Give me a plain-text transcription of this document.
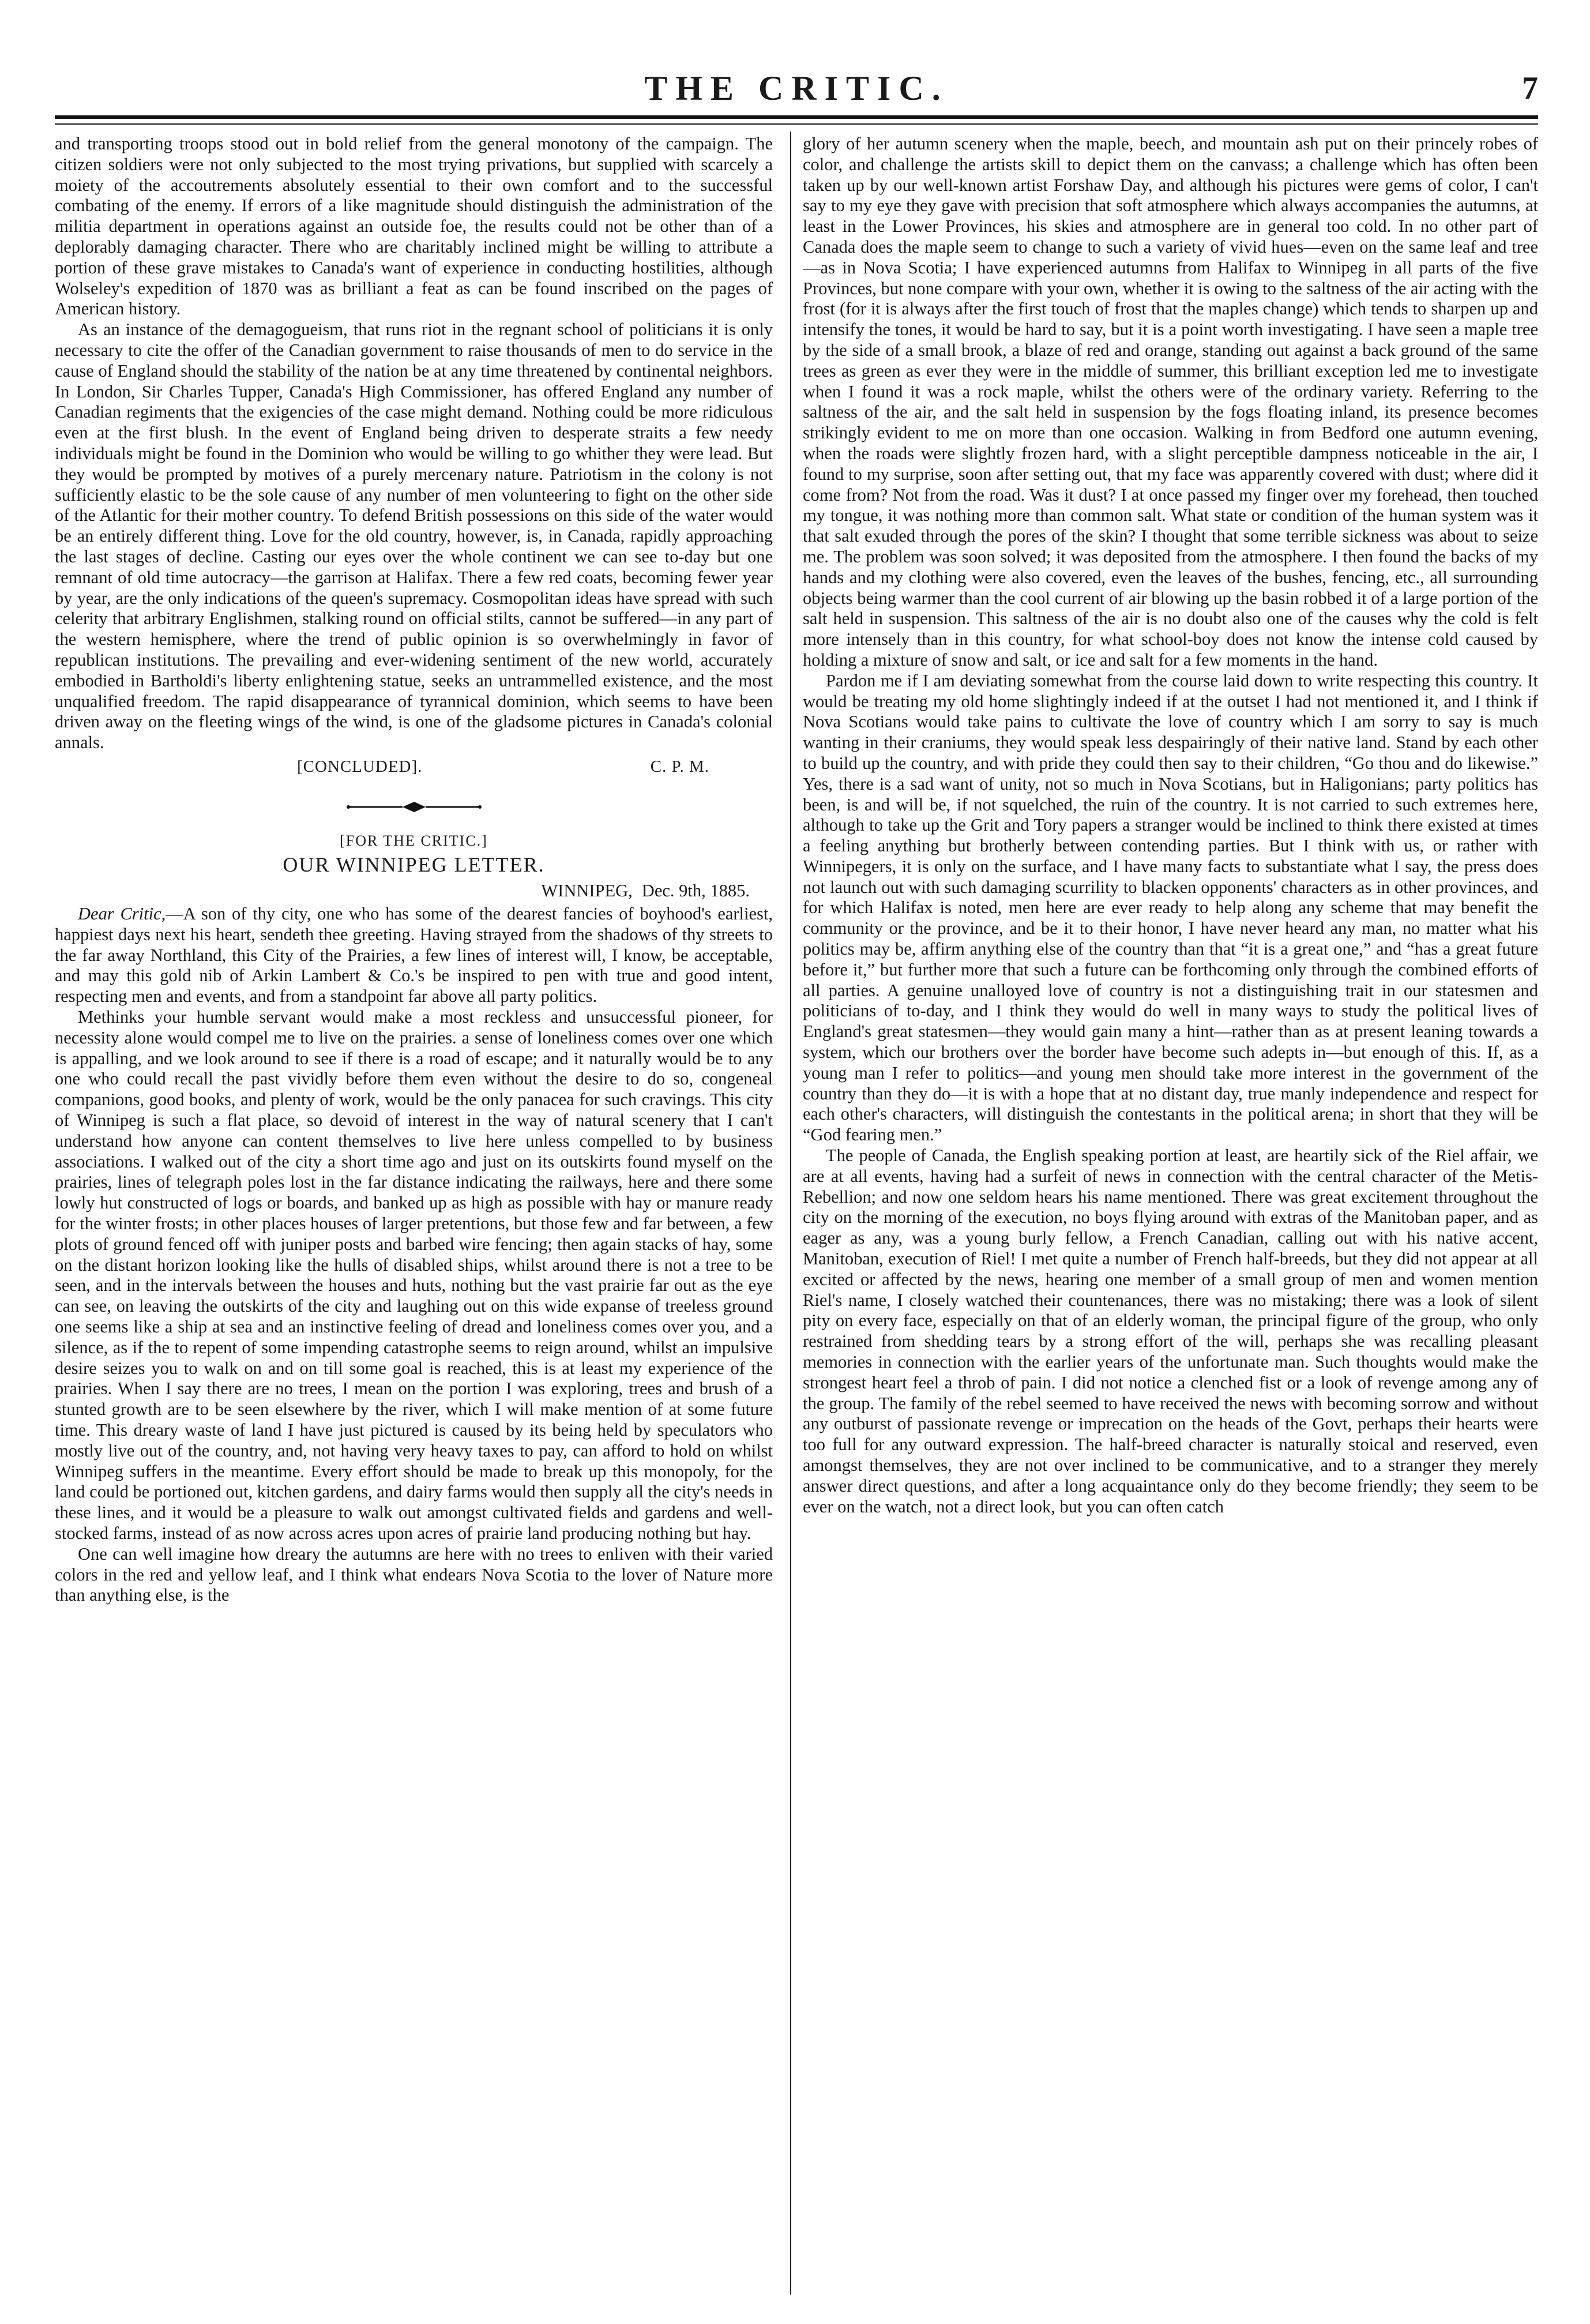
THE CRITIC.	7

and transporting troops stood out in bold relief from the general monotony of the campaign. The citizen soldiers were not only subjected to the most trying privations, but supplied with scarcely a moiety of the accoutrements absolutely essential to their own comfort and to the successful combating of the enemy. If errors of a like magnitude should distinguish the administration of the militia department in operations against an outside foe, the results could not be other than of a deplorably damaging character. There who are charitably inclined might be willing to attribute a portion of these grave mistakes to Canada's want of experience in conducting hostilities, although Wolseley's expedition of 1870 was as brilliant a feat as can be found inscribed on the pages of American history.

As an instance of the demagogueism, that runs riot in the regnant school of politicians it is only necessary to cite the offer of the Canadian government to raise thousands of men to do service in the cause of England should the stability of the nation be at any time threatened by continental neighbors. In London, Sir Charles Tupper, Canada's High Commissioner, has offered England any number of Canadian regiments that the exigencies of the case might demand. Nothing could be more ridiculous even at the first blush. In the event of England being driven to desperate straits a few needy individuals might be found in the Dominion who would be willing to go whither they were lead. But they would be prompted by motives of a purely mercenary nature. Patriotism in the colony is not sufficiently elastic to be the sole cause of any number of men volunteering to fight on the other side of the Atlantic for their mother country. To defend British possessions on this side of the water would be an entirely different thing. Love for the old country, however, is, in Canada, rapidly approaching the last stages of decline. Casting our eyes over the whole continent we can see to-day but one remnant of old time autocracy—the garrison at Halifax. There a few red coats, becoming fewer year by year, are the only indications of the queen's supremacy. Cosmopolitan ideas have spread with such celerity that arbitrary Englishmen, stalking round on official stilts, cannot be suffered—in any part of the western hemisphere, where the trend of public opinion is so overwhelmingly in favor of republican institutions. The prevailing and ever-widening sentiment of the new world, accurately embodied in Bartholdi's liberty enlightening statue, seeks an untrammelled existence, and the most unqualified freedom. The rapid disappearance of tyrannical dominion, which seems to have been driven away on the fleeting wings of the wind, is one of the gladsome pictures in Canada's colonial annals.

[CONCLUDED].	C. P. M.
[FOR THE CRITIC.]
OUR WINNIPEG LETTER.
WINNIPEG, Dec. 9th, 1885.

Dear Critic,—A son of thy city, one who has some of the dearest fancies of boyhood's earliest, happiest days next his heart, sendeth thee greeting. Having strayed from the shadows of thy streets to the far away Northland, this City of the Prairies, a few lines of interest will, I know, be acceptable, and may this gold nib of Arkin Lambert & Co.'s be inspired to pen with true and good intent, respecting men and events, and from a standpoint far above all party politics.

Methinks your humble servant would make a most reckless and unsuccessful pioneer, for necessity alone would compel me to live on the prairies. a sense of loneliness comes over one which is appalling, and we look around to see if there is a road of escape; and it naturally would be to any one who could recall the past vividly before them even without the desire to do so, congeneal companions, good books, and plenty of work, would be the only panacea for such cravings. This city of Winnipeg is such a flat place, so devoid of interest in the way of natural scenery that I can't understand how anyone can content themselves to live here unless compelled to by business associations. I walked out of the city a short time ago and just on its outskirts found myself on the prairies, lines of telegraph poles lost in the far distance indicating the railways, here and there some lowly hut constructed of logs or boards, and banked up as high as possible with hay or manure ready for the winter frosts; in other places houses of larger pretentions, but those few and far between, a few plots of ground fenced off with juniper posts and barbed wire fencing; then again stacks of hay, some on the distant horizon looking like the hulls of disabled ships, whilst around there is not a tree to be seen, and in the intervals between the houses and huts, nothing but the vast prairie far out as the eye can see, on leaving the outskirts of the city and laughing out on this wide expanse of treeless ground one seems like a ship at sea and an instinctive feeling of dread and loneliness comes over you, and a silence, as if the to repent of some impending catastrophe seems to reign around, whilst an impulsive desire seizes you to walk on and on till some goal is reached, this is at least my experience of the prairies. When I say there are no trees, I mean on the portion I was exploring, trees and brush of a stunted growth are to be seen elsewhere by the river, which I will make mention of at some future time. This dreary waste of land I have just pictured is caused by its being held by speculators who mostly live out of the country, and, not having very heavy taxes to pay, can afford to hold on whilst Winnipeg suffers in the meantime. Every effort should be made to break up this monopoly, for the land could be portioned out, kitchen gardens, and dairy farms would then supply all the city's needs in these lines, and it would be a pleasure to walk out amongst cultivated fields and gardens and well-stocked farms, instead of as now across acres upon acres of prairie land producing nothing but hay.

One can well imagine how dreary the autumns are here with no trees to enliven with their varied colors in the red and yellow leaf, and I think what endears Nova Scotia to the lover of Nature more than anything else, is the

glory of her autumn scenery when the maple, beech, and mountain ash put on their princely robes of color, and challenge the artists skill to depict them on the canvass; a challenge which has often been taken up by our well-known artist Forshaw Day, and although his pictures were gems of color, I can't say to my eye they gave with precision that soft atmosphere which always accompanies the autumns, at least in the Lower Provinces, his skies and atmosphere are in general too cold. In no other part of Canada does the maple seem to change to such a variety of vivid hues—even on the same leaf and tree—as in Nova Scotia; I have experienced autumns from Halifax to Winnipeg in all parts of the five Provinces, but none compare with your own, whether it is owing to the saltness of the air acting with the frost (for it is always after the first touch of frost that the maples change) which tends to sharpen up and intensify the tones, it would be hard to say, but it is a point worth investigating. I have seen a maple tree by the side of a small brook, a blaze of red and orange, standing out against a back ground of the same trees as green as ever they were in the middle of summer, this brilliant exception led me to investigate when I found it was a rock maple, whilst the others were of the ordinary variety. Referring to the saltness of the air, and the salt held in suspension by the fogs floating inland, its presence becomes strikingly evident to me on more than one occasion. Walking in from Bedford one autumn evening, when the roads were slightly frozen hard, with a slight perceptible dampness noticeable in the air, I found to my surprise, soon after setting out, that my face was apparently covered with dust; where did it come from? Not from the road. Was it dust? I at once passed my finger over my forehead, then touched my tongue, it was nothing more than common salt. What state or condition of the human system was it that salt exuded through the pores of the skin? I thought that some terrible sickness was about to seize me. The problem was soon solved; it was deposited from the atmosphere. I then found the backs of my hands and my clothing were also covered, even the leaves of the bushes, fencing, etc., all surrounding objects being warmer than the cool current of air blowing up the basin robbed it of a large portion of the salt held in suspension. This saltness of the air is no doubt also one of the causes why the cold is felt more intensely than in this country, for what school-boy does not know the intense cold caused by holding a mixture of snow and salt, or ice and salt for a few moments in the hand.

Pardon me if I am deviating somewhat from the course laid down to write respecting this country. It would be treating my old home slightingly indeed if at the outset I had not mentioned it, and I think if Nova Scotians would take pains to cultivate the love of country which I am sorry to say is much wanting in their craniums, they would speak less despairingly of their native land. Stand by each other to build up the country, and with pride they could then say to their children, “Go thou and do likewise.” Yes, there is a sad want of unity, not so much in Nova Scotians, but in Haligonians; party politics has been, is and will be, if not squelched, the ruin of the country. It is not carried to such extremes here, although to take up the Grit and Tory papers a stranger would be inclined to think there existed at times a feeling anything but brotherly between contending parties. But I think with us, or rather with Winnipegers, it is only on the surface, and I have many facts to substantiate what I say, the press does not launch out with such damaging scurrility to blacken opponents' characters as in other provinces, and for which Halifax is noted, men here are ever ready to help along any scheme that may benefit the community or the province, and be it to their honor, I have never heard any man, no matter what his politics may be, affirm anything else of the country than that “it is a great one,” and “has a great future before it,” but further more that such a future can be forthcoming only through the combined efforts of all parties. A genuine unalloyed love of country is not a distinguishing trait in our statesmen and politicians of to-day, and I think they would do well in many ways to study the political lives of England's great statesmen—they would gain many a hint—rather than as at present leaning towards a system, which our brothers over the border have become such adepts in—but enough of this. If, as a young man I refer to politics—and young men should take more interest in the government of the country than they do—it is with a hope that at no distant day, true manly independence and respect for each other's characters, will distinguish the contestants in the political arena; in short that they will be “God fearing men.”

The people of Canada, the English speaking portion at least, are heartily sick of the Riel affair, we are at all events, having had a surfeit of news in connection with the central character of the Metis-Rebellion; and now one seldom hears his name mentioned. There was great excitement throughout the city on the morning of the execution, no boys flying around with extras of the Manitoban paper, and as eager as any, was a young burly fellow, a French Canadian, calling out with his native accent, Manitoban, execution of Riel! I met quite a number of French half-breeds, but they did not appear at all excited or affected by the news, hearing one member of a small group of men and women mention Riel's name, I closely watched their countenances, there was no mistaking; there was a look of silent pity on every face, especially on that of an elderly woman, the principal figure of the group, who only restrained from shedding tears by a strong effort of the will, perhaps she was recalling pleasant memories in connection with the earlier years of the unfortunate man. Such thoughts would make the strongest heart feel a throb of pain. I did not notice a clenched fist or a look of revenge among any of the group. The family of the rebel seemed to have received the news with becoming sorrow and without any outburst of passionate revenge or imprecation on the heads of the Govt, perhaps their hearts were too full for any outward expression. The half-breed character is naturally stoical and reserved, even amongst themselves, they are not over inclined to be communicative, and to a stranger they merely answer direct questions, and after a long acquaintance only do they become friendly; they seem to be ever on the watch, not a direct look, but you can often catch
